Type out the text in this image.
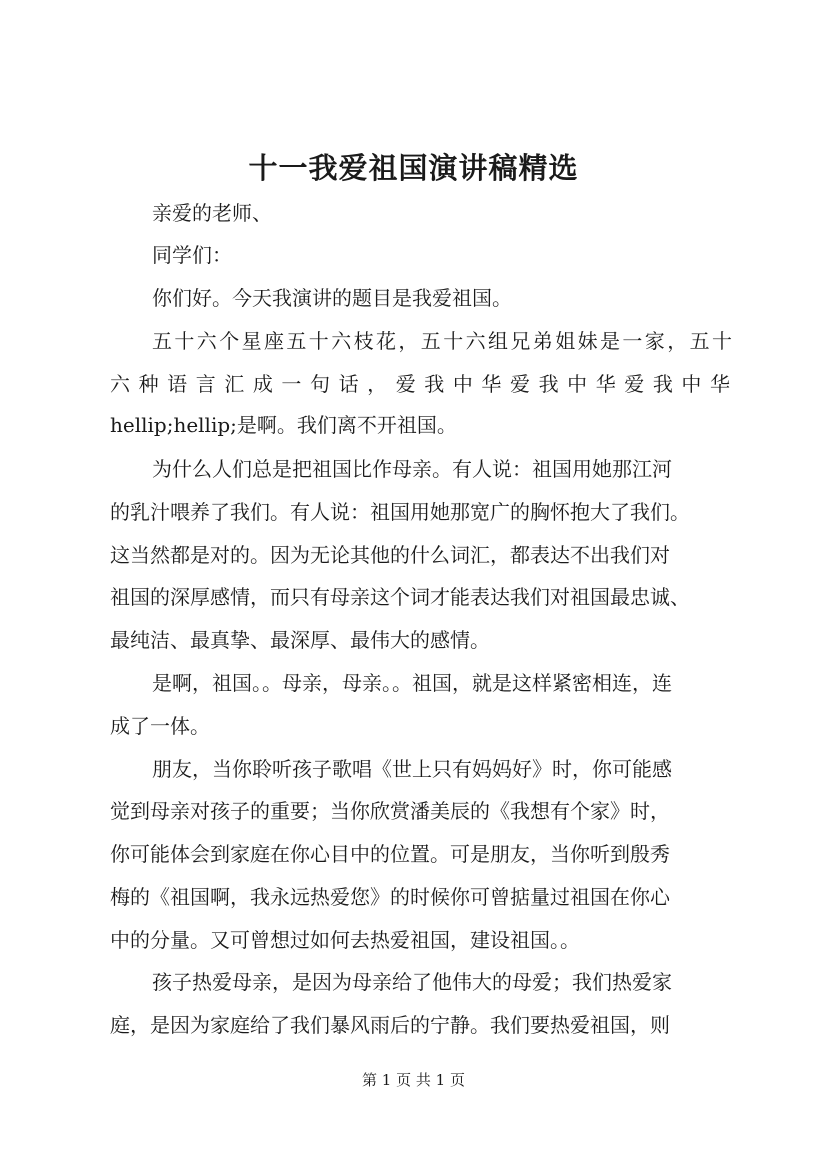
十一我爱祖国演讲稿精选

亲爱的老师、

同学们：

你们好。今天我演讲的题目是我爱祖国。

五十六个星座五十六枝花，五十六组兄弟姐妹是一家，五十

六种语言汇成一句话，爱我中华爱我中华爱我中华

hellip;hellip;是啊。我们离不开祖国。

为什么人们总是把祖国比作母亲。有人说：祖国用她那江河

的乳汁喂养了我们。有人说：祖国用她那宽广的胸怀抱大了我们。

这当然都是对的。因为无论其他的什么词汇，都表达不出我们对

祖国的深厚感情，而只有母亲这个词才能表达我们对祖国最忠诚、

最纯洁、最真挚、最深厚、最伟大的感情。

是啊，祖国。。母亲，母亲。。祖国，就是这样紧密相连，连

成了一体。

朋友，当你聆听孩子歌唱《世上只有妈妈好》时，你可能感

觉到母亲对孩子的重要；当你欣赏潘美辰的《我想有个家》时，

你可能体会到家庭在你心目中的位置。可是朋友，当你听到殷秀

梅的《祖国啊，我永远热爱您》的时候你可曾掂量过祖国在你心

中的分量。又可曾想过如何去热爱祖国，建设祖国。。

孩子热爱母亲，是因为母亲给了他伟大的母爱；我们热爱家

庭，是因为家庭给了我们暴风雨后的宁静。我们要热爱祖国，则

第 1 页 共 1 页
